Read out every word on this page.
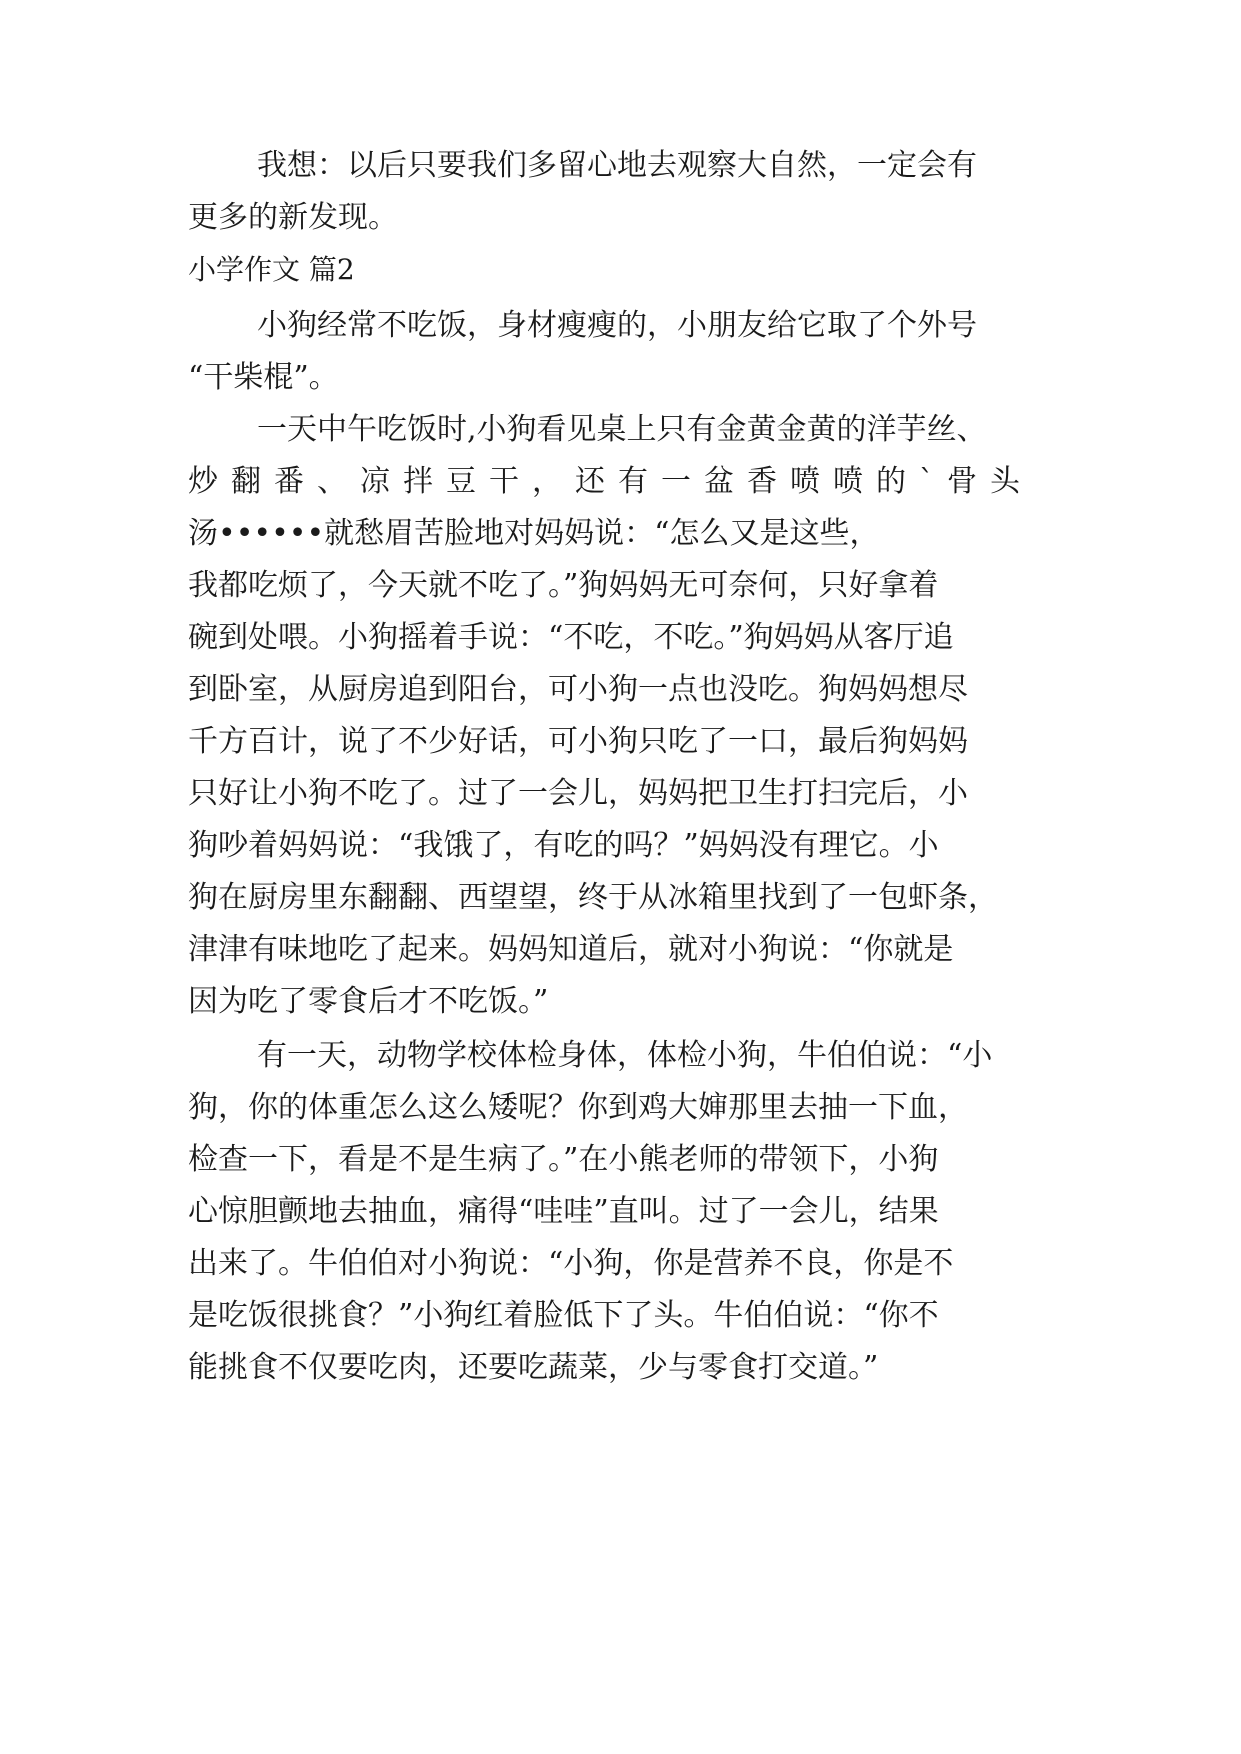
我想：以后只要我们多留心地去观察大自然，一定会有
更多的新发现。
小学作文 篇2
小狗经常不吃饭，身材瘦瘦的，小朋友给它取了个外号
“干柴棍”。
一天中午吃饭时,小狗看见桌上只有金黄金黄的洋芋丝、
炒翻番、凉拌豆干，还有一盆香喷喷的`骨头
汤••••••就愁眉苦脸地对妈妈说：“怎么又是这些，
我都吃烦了，今天就不吃了。”狗妈妈无可奈何，只好拿着
碗到处喂。小狗摇着手说：“不吃，不吃。”狗妈妈从客厅追
到卧室，从厨房追到阳台，可小狗一点也没吃。狗妈妈想尽
千方百计，说了不少好话，可小狗只吃了一口，最后狗妈妈
只好让小狗不吃了。过了一会儿，妈妈把卫生打扫完后，小
狗吵着妈妈说：“我饿了，有吃的吗？”妈妈没有理它。小
狗在厨房里东翻翻、西望望，终于从冰箱里找到了一包虾条，
津津有味地吃了起来。妈妈知道后，就对小狗说：“你就是
因为吃了零食后才不吃饭。”
有一天，动物学校体检身体，体检小狗，牛伯伯说：“小
狗，你的体重怎么这么矮呢？你到鸡大婶那里去抽一下血，
检查一下，看是不是生病了。”在小熊老师的带领下，小狗
心惊胆颤地去抽血，痛得“哇哇”直叫。过了一会儿，结果
出来了。牛伯伯对小狗说：“小狗，你是营养不良，你是不
是吃饭很挑食？”小狗红着脸低下了头。牛伯伯说：“你不
能挑食不仅要吃肉，还要吃蔬菜，少与零食打交道。”
